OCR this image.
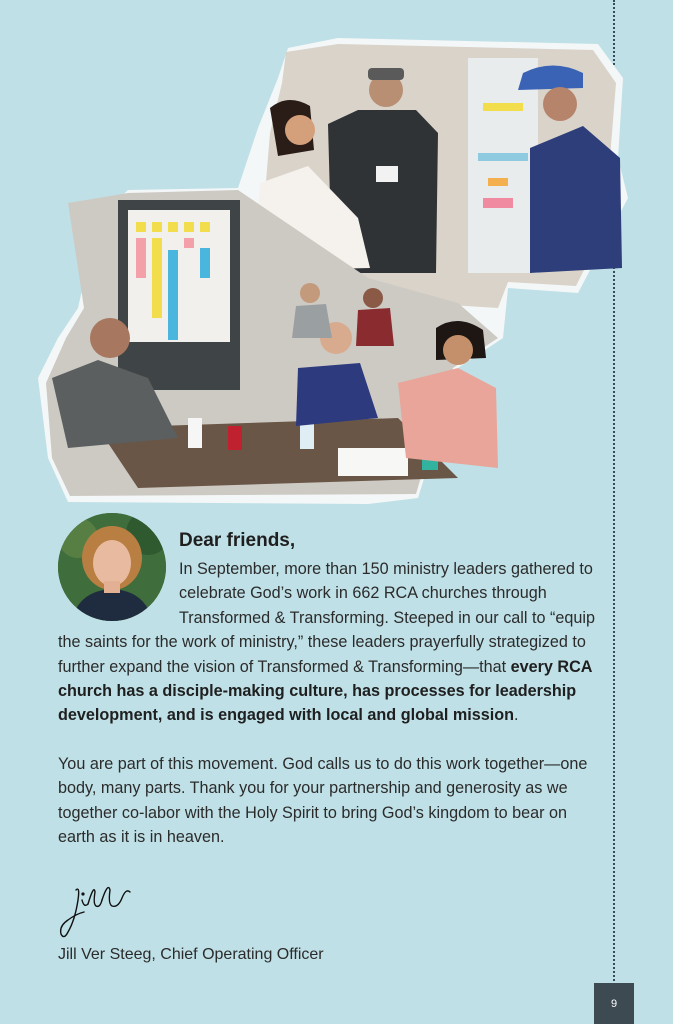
Dear friends,

In September, more than 150 ministry leaders gathered to celebrate God’s work in 662 RCA churches through Transformed & Transforming. Steeped in our call to “equip the saints for the work of ministry,” these leaders prayerfully strategized to further expand the vision of Transformed & Transforming—that every RCA church has a disciple-making culture, has processes for leadership development, and is engaged with local and global mission.

You are part of this movement. God calls us to do this work together—one body, many parts. Thank you for your partnership and generosity as we together co-labor with the Holy Spirit to bring God’s kingdom to bear on earth as it is in heaven.

Jill Ver Steeg, Chief Operating Officer
9
